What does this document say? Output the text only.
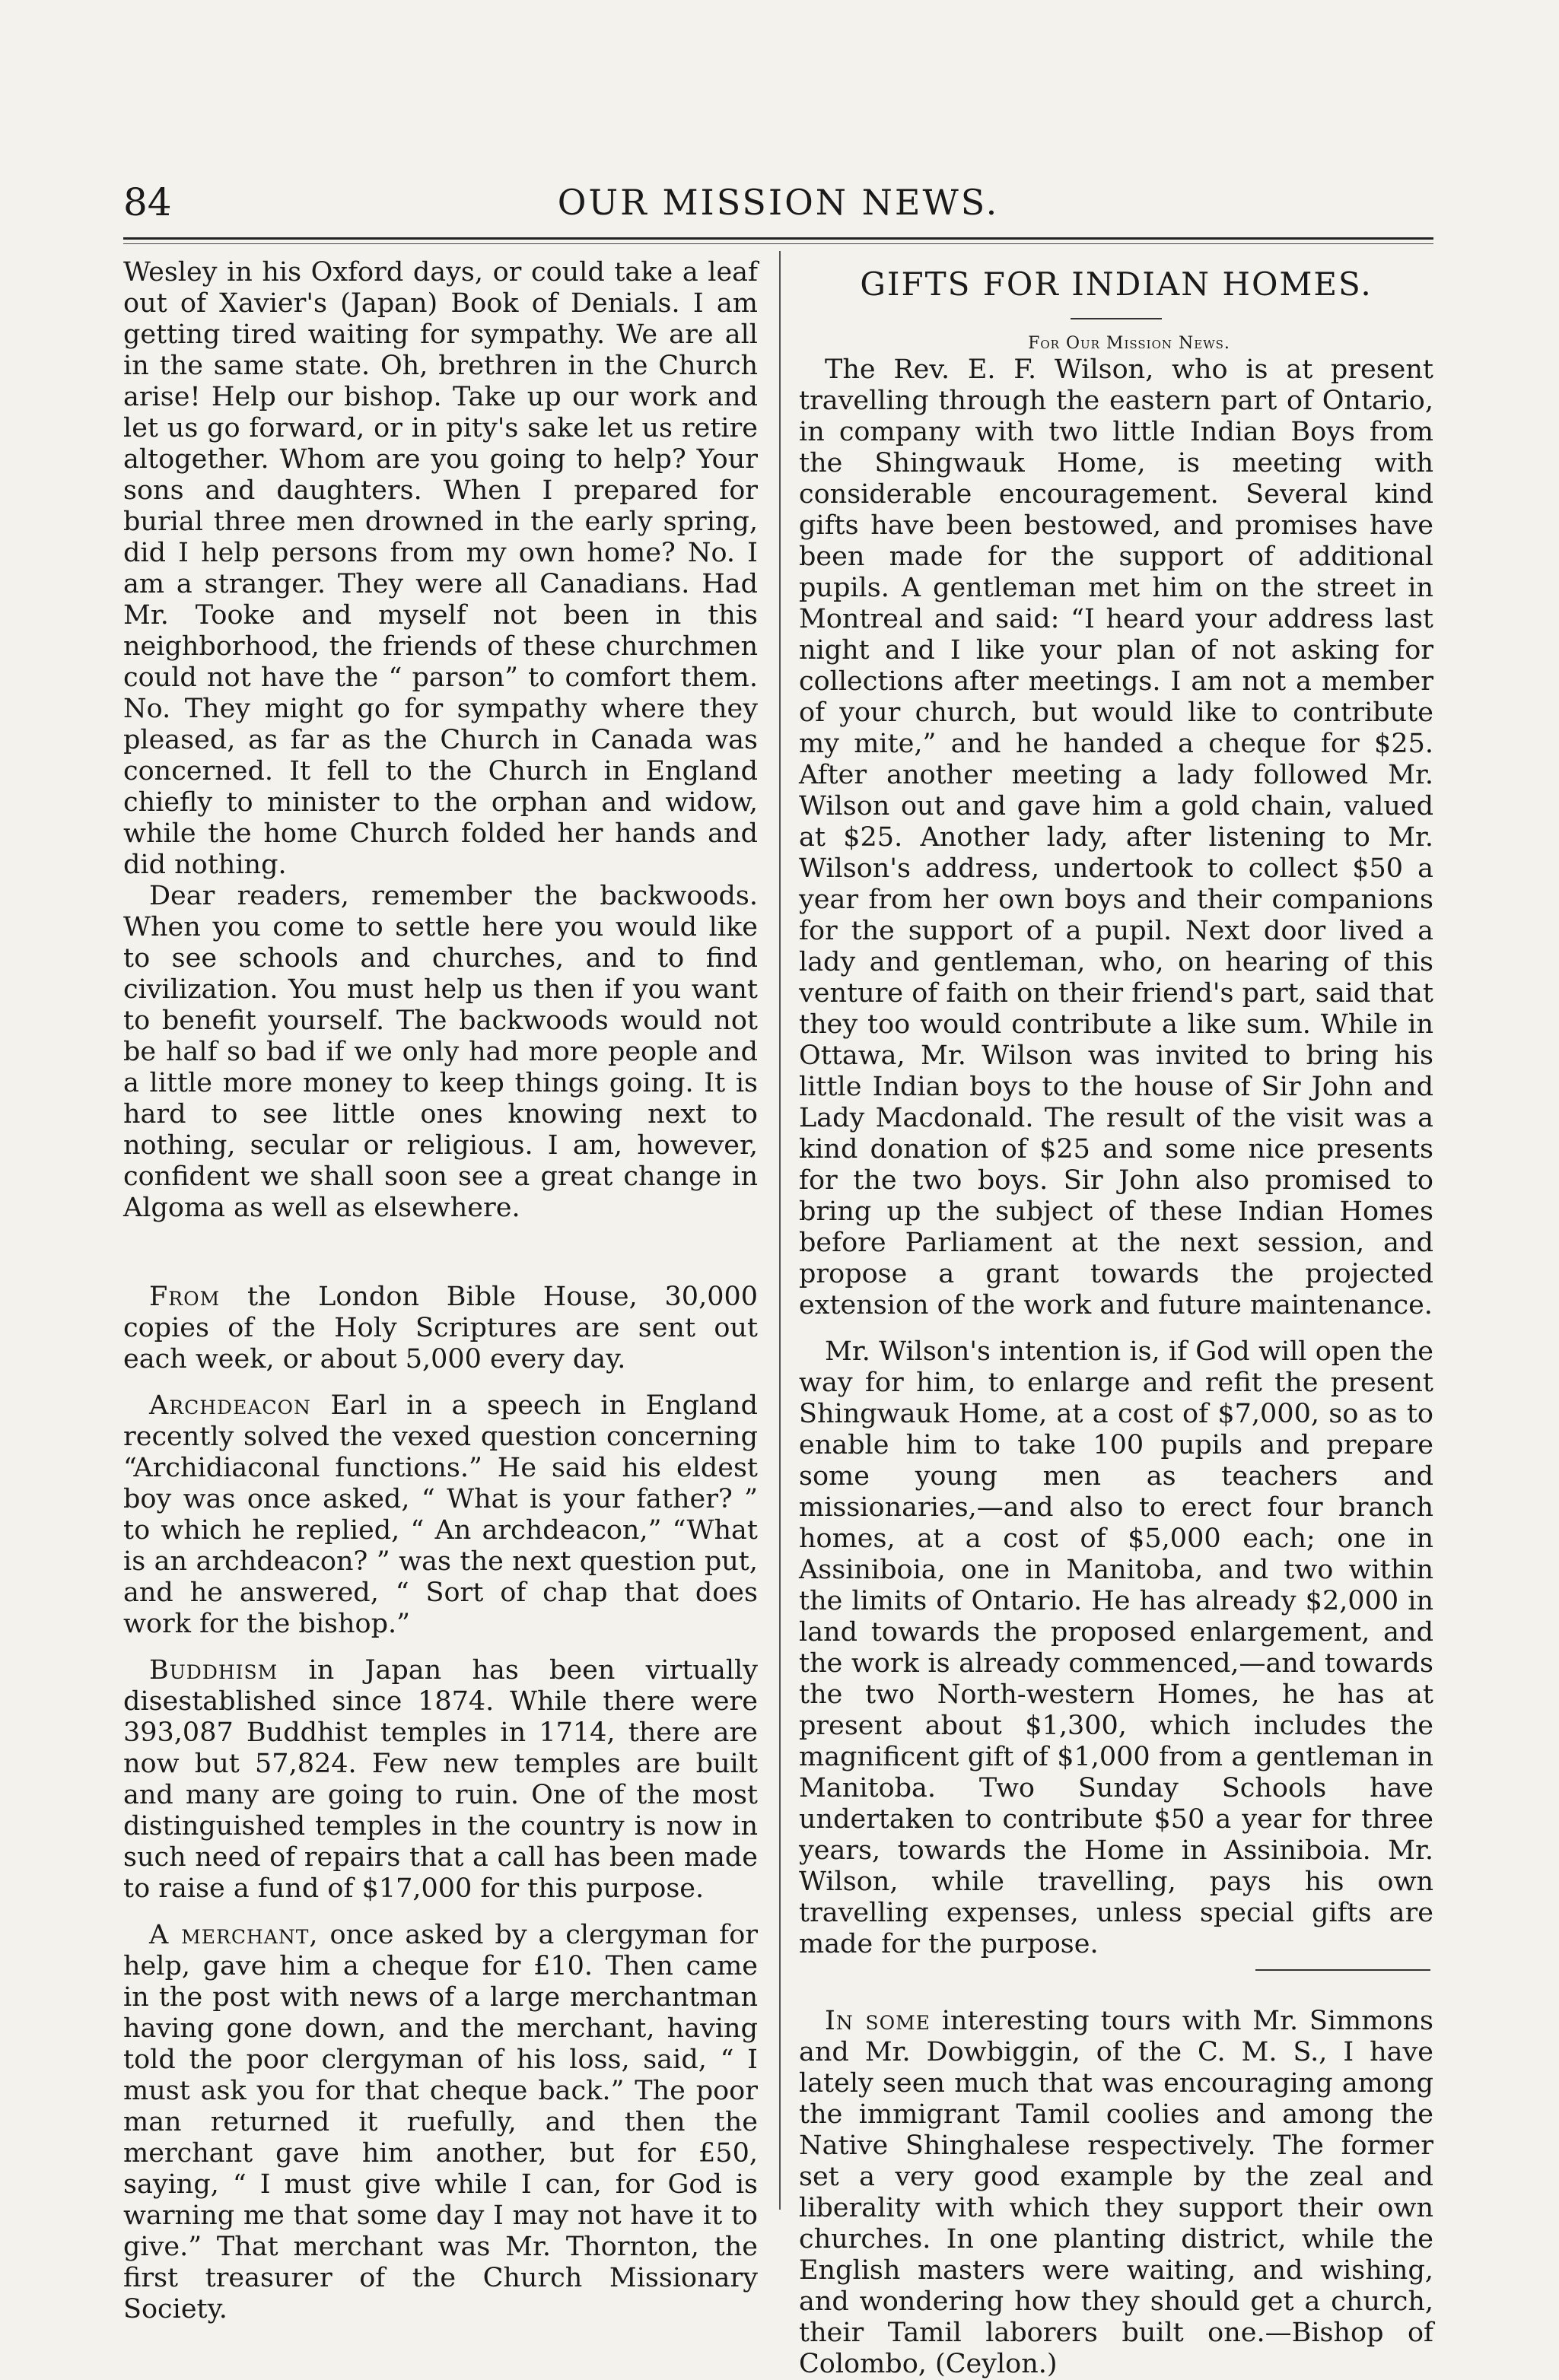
84	OUR MISSION NEWS.

Wesley in his Oxford days, or could take a leaf out of Xavier's (Japan) Book of Denials. I am getting tired waiting for sympathy. We are all in the same state. Oh, brethren in the Church arise! Help our bishop. Take up our work and let us go forward, or in pity's sake let us retire altogether. Whom are you going to help? Your sons and daughters. When I prepared for burial three men drowned in the early spring, did I help persons from my own home? No. I am a stranger. They were all Canadians. Had Mr. Tooke and myself not been in this neighborhood, the friends of these churchmen could not have the “ parson” to comfort them. No. They might go for sympathy where they pleased, as far as the Church in Canada was concerned. It fell to the Church in England chiefly to minister to the orphan and widow, while the home Church folded her hands and did nothing.

Dear readers, remember the backwoods. When you come to settle here you would like to see schools and churches, and to find civilization. You must help us then if you want to benefit yourself. The backwoods would not be half so bad if we only had more people and a little more money to keep things going. It is hard to see little ones knowing next to nothing, secular or religious. I am, however, confident we shall soon see a great change in Algoma as well as elsewhere.

From the London Bible House, 30,000 copies of the Holy Scriptures are sent out each week, or about 5,000 every day.

Archdeacon Earl in a speech in England recently solved the vexed question concerning “Archidiaconal functions.” He said his eldest boy was once asked, “ What is your father? ” to which he replied, “ An archdeacon,” “What is an archdeacon? ” was the next question put, and he answered, “ Sort of chap that does work for the bishop.”

Buddhism in Japan has been virtually disestablished since 1874. While there were 393,087 Buddhist temples in 1714, there are now but 57,824. Few new temples are built and many are going to ruin. One of the most distinguished temples in the country is now in such need of repairs that a call has been made to raise a fund of $17,000 for this purpose.

A merchant, once asked by a clergyman for help, gave him a cheque for £10. Then came in the post with news of a large merchantman having gone down, and the merchant, having told the poor clergyman of his loss, said, “ I must ask you for that cheque back.” The poor man returned it ruefully, and then the merchant gave him another, but for £50, saying, “ I must give while I can, for God is warning me that some day I may not have it to give.” That merchant was Mr. Thornton, the first treasurer of the Church Missionary Society.

GIFTS FOR INDIAN HOMES.

For Our Mission News.

The Rev. E. F. Wilson, who is at present travelling through the eastern part of Ontario, in company with two little Indian Boys from the Shingwauk Home, is meeting with considerable encouragement. Several kind gifts have been bestowed, and promises have been made for the support of additional pupils. A gentleman met him on the street in Montreal and said: “I heard your address last night and I like your plan of not asking for collections after meetings. I am not a member of your church, but would like to contribute my mite,” and he handed a cheque for $25. After another meeting a lady followed Mr. Wilson out and gave him a gold chain, valued at $25. Another lady, after listening to Mr. Wilson's address, undertook to collect $50 a year from her own boys and their companions for the support of a pupil. Next door lived a lady and gentleman, who, on hearing of this venture of faith on their friend's part, said that they too would contribute a like sum. While in Ottawa, Mr. Wilson was invited to bring his little Indian boys to the house of Sir John and Lady Macdonald. The result of the visit was a kind donation of $25 and some nice presents for the two boys. Sir John also promised to bring up the subject of these Indian Homes before Parliament at the next session, and propose a grant towards the projected extension of the work and future maintenance.

Mr. Wilson's intention is, if God will open the way for him, to enlarge and refit the present Shingwauk Home, at a cost of $7,000, so as to enable him to take 100 pupils and prepare some young men as teachers and missionaries,—and also to erect four branch homes, at a cost of $5,000 each; one in Assiniboia, one in Manitoba, and two within the limits of Ontario. He has already $2,000 in land towards the proposed enlargement, and the work is already commenced,—and towards the two North-western Homes, he has at present about $1,300, which includes the magnificent gift of $1,000 from a gentleman in Manitoba. Two Sunday Schools have undertaken to contribute $50 a year for three years, towards the Home in Assiniboia. Mr. Wilson, while travelling, pays his own travelling expenses, unless special gifts are made for the purpose.

In some interesting tours with Mr. Simmons and Mr. Dowbiggin, of the C. M. S., I have lately seen much that was encouraging among the immigrant Tamil coolies and among the Native Shinghalese respectively. The former set a very good example by the zeal and liberality with which they support their own churches. In one planting district, while the English masters were waiting, and wishing, and wondering how they should get a church, their Tamil laborers built one.—Bishop of Colombo, (Ceylon.)
